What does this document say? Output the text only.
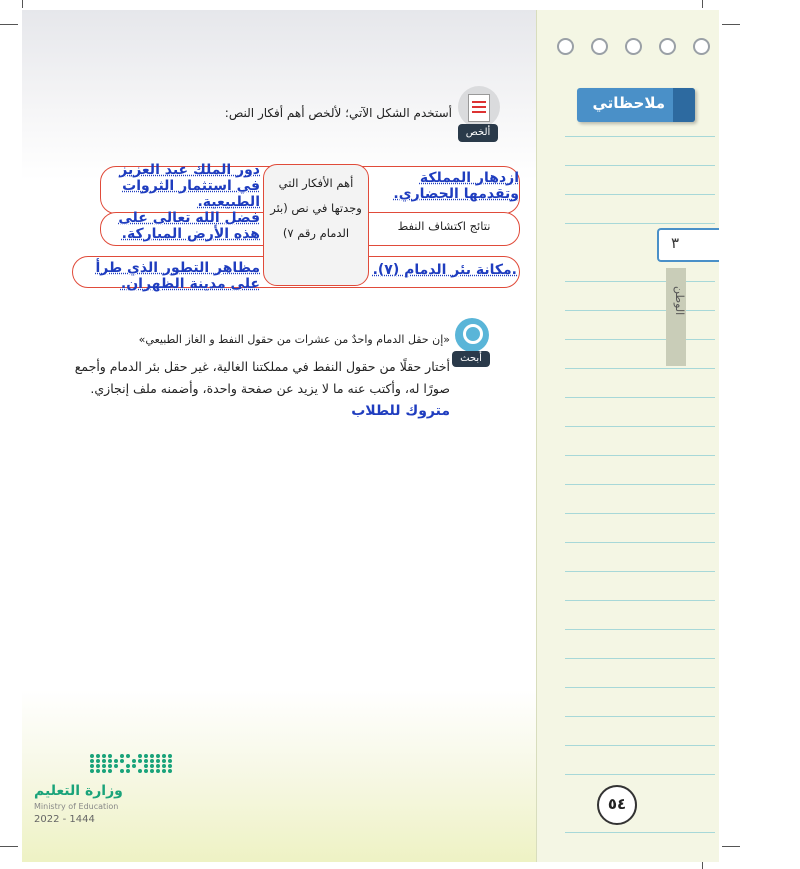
ملاحظاتي
٣
الوطن
٥٤
ألخص
أستخدم الشكل الآتي؛ لألخص أهم أفكار النص:
أهم الأفكار التي وجدتها في نص (بئر الدمام رقم ٧)	نتائج اكتشاف النفط
ازدهار المملكة وتقدمها الحضاري.
.مكانة بئر الدمام (٧).
دور الملك عبد العزيز في استثمار الثروات الطبيعية.
فضل الله تعالى على هذه الأرض المباركة.
مظاهر التطور الذي طرأ على مدينة الظهران.
أبحث
«إن حقل الدمام واحدٌ من عشرات من حقول النفط و الغاز الطبيعي»
أختار حقلًا من حقول النفط في مملكتنا الغالية، غير حقل بئر الدمام وأجمع صورًا له، وأكتب عنه ما لا يزيد عن صفحة واحدة، وأضمنه ملف إنجازي. متروك للطلاب
وزارة التعليم
Ministry of Education
2022 - 1444
